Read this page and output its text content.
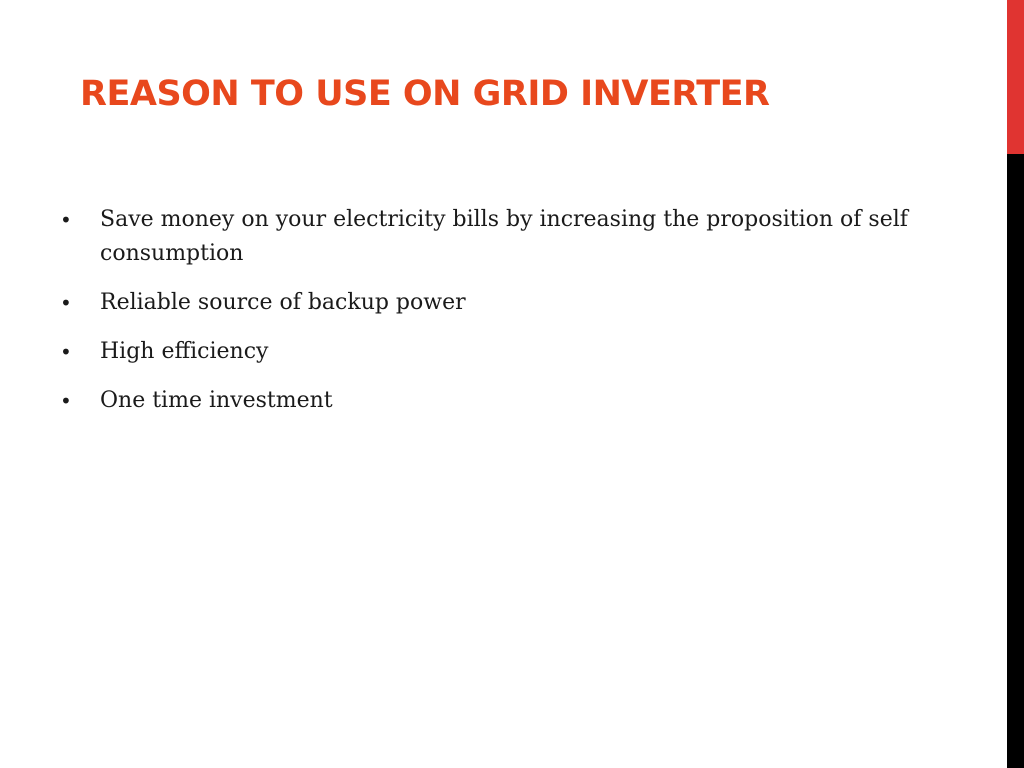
REASON TO USE ON GRID INVERTER
•	Save money on your electricity bills by increasing the proposition of self consumption
•	Reliable source of backup power
•	High efficiency
•	One time investment
